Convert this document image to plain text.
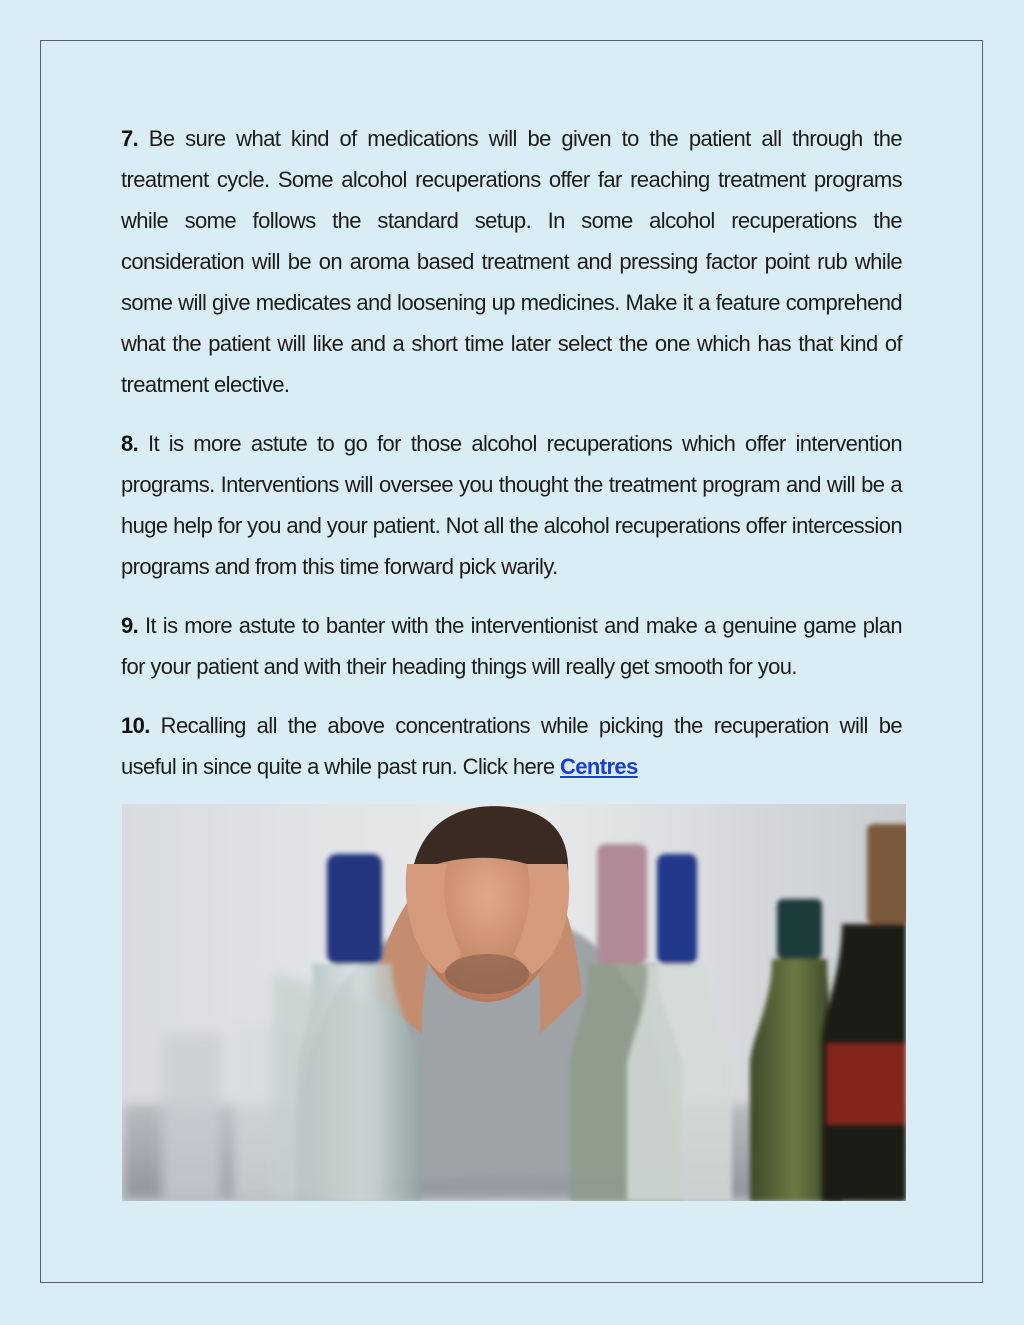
7. Be sure what kind of medications will be given to the patient all through the treatment cycle. Some alcohol recuperations offer far reaching treatment programs while some follows the standard setup. In some alcohol recuperations the consideration will be on aroma based treatment and pressing factor point rub while some will give medicates and loosening up medicines. Make it a feature comprehend what the patient will like and a short time later select the one which has that kind of treatment elective.

8. It is more astute to go for those alcohol recuperations which offer intervention programs. Interventions will oversee you thought the treatment program and will be a huge help for you and your patient. Not all the alcohol recuperations offer intercession programs and from this time forward pick warily.

9. It is more astute to banter with the interventionist and make a genuine game plan for your patient and with their heading things will really get smooth for you.

10. Recalling all the above concentrations while picking the recuperation will be useful in since quite a while past run. Click here Centres
